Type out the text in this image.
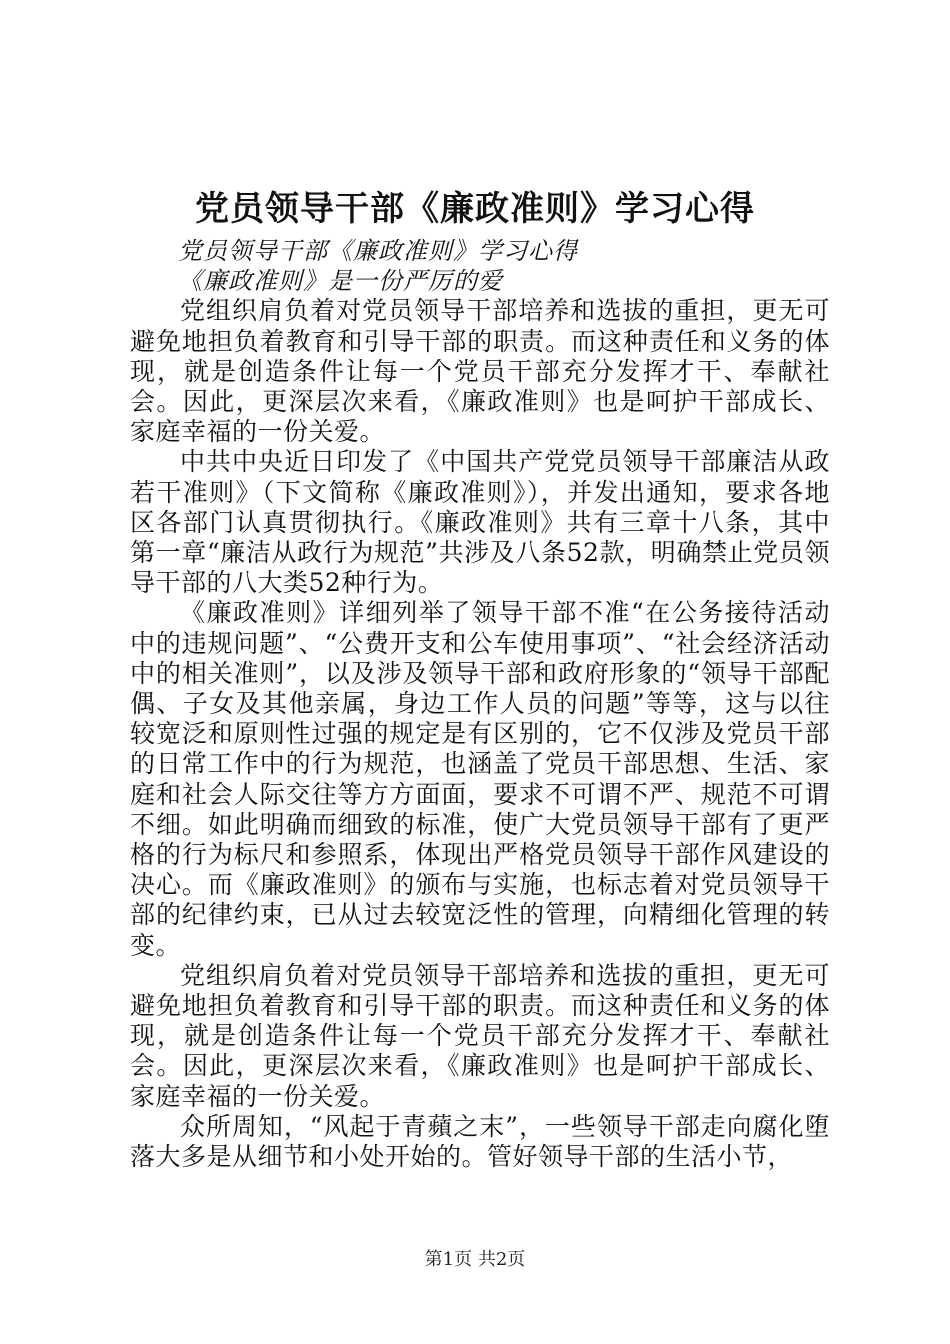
党员领导干部《廉政准则》学习心得

党员领导干部《廉政准则》学习心得

《廉政准则》是一份严厉的爱

党组织肩负着对党员领导干部培养和选拔的重担，更无可避免地担负着教育和引导干部的职责。而这种责任和义务的体现，就是创造条件让每一个党员干部充分发挥才干、奉献社会。因此，更深层次来看，《廉政准则》也是呵护干部成长、家庭幸福的一份关爱。

中共中央近日印发了《中国共产党党员领导干部廉洁从政若干准则》（下文简称《廉政准则》），并发出通知，要求各地区各部门认真贯彻执行。《廉政准则》共有三章十八条，其中第一章“廉洁从政行为规范”共涉及八条52款，明确禁止党员领导干部的八大类52种行为。

《廉政准则》详细列举了领导干部不准“在公务接待活动中的违规问题”、“公费开支和公车使用事项”、“社会经济活动中的相关准则”，以及涉及领导干部和政府形象的“领导干部配偶、子女及其他亲属，身边工作人员的问题”等等，这与以往较宽泛和原则性过强的规定是有区别的，它不仅涉及党员干部的日常工作中的行为规范，也涵盖了党员干部思想、生活、家庭和社会人际交往等方方面面，要求不可谓不严、规范不可谓不细。如此明确而细致的标准，使广大党员领导干部有了更严格的行为标尺和参照系，体现出严格党员领导干部作风建设的决心。而《廉政准则》的颁布与实施，也标志着对党员领导干部的纪律约束，已从过去较宽泛性的管理，向精细化管理的转变。

党组织肩负着对党员领导干部培养和选拔的重担，更无可避免地担负着教育和引导干部的职责。而这种责任和义务的体现，就是创造条件让每一个党员干部充分发挥才干、奉献社会。因此，更深层次来看，《廉政准则》也是呵护干部成长、家庭幸福的一份关爱。

众所周知，“风起于青蘋之末”，一些领导干部走向腐化堕落大多是从细节和小处开始的。管好领导干部的生活小节，

第1页 共2页
